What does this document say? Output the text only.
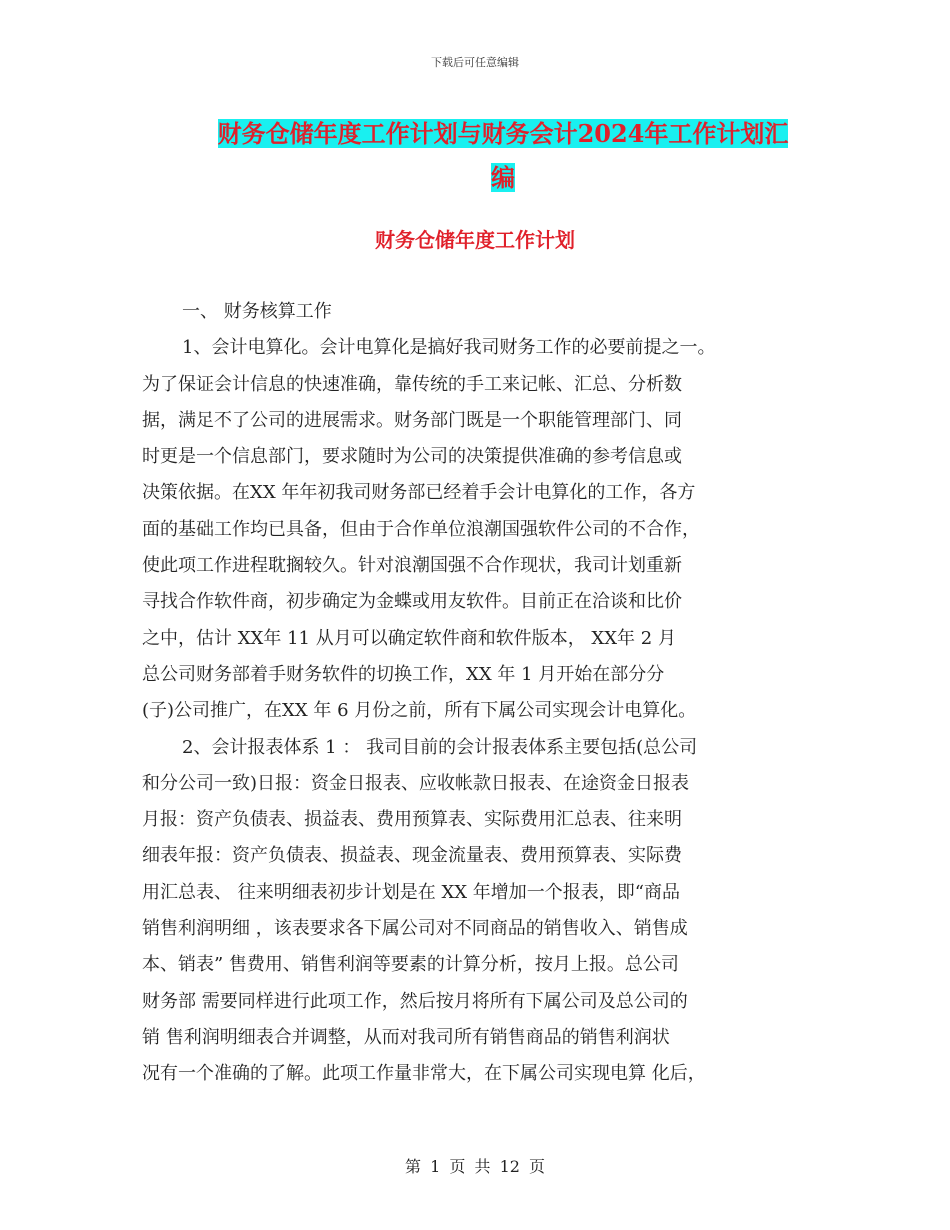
下载后可任意编辑
财务仓储年度工作计划与财务会计2024年工作计划汇
编
财务仓储年度工作计划
一、 财务核算工作
1、会计电算化。会计电算化是搞好我司财务工作的必要前提之一。
为了保证会计信息的快速准确，靠传统的手工来记帐、汇总、分析数
据，满足不了公司的进展需求。财务部门既是一个职能管理部门、同
时更是一个信息部门，要求随时为公司的决策提供准确的参考信息或
决策依据。在XX 年年初我司财务部已经着手会计电算化的工作，各方
面的基础工作均已具备，但由于合作单位浪潮国强软件公司的不合作，
使此项工作进程耽搁较久。针对浪潮国强不合作现状，我司计划重新
寻找合作软件商，初步确定为金蝶或用友软件。目前正在洽谈和比价
之中，估计 XX年 11 从月可以确定软件商和软件版本， XX年 2 月
总公司财务部着手财务软件的切换工作，XX 年 1 月开始在部分分
(子)公司推广，在XX 年 6 月份之前，所有下属公司实现会计电算化。
2、会计报表体系 1 ： 我司目前的会计报表体系主要包括(总公司
和分公司一致)日报：资金日报表、应收帐款日报表、在途资金日报表
月报：资产负债表、损益表、费用预算表、实际费用汇总表、往来明
细表年报：资产负债表、损益表、现金流量表、费用预算表、实际费
用汇总表、 往来明细表初步计划是在 XX 年增加一个报表，即“商品
销售利润明细 ，该表要求各下属公司对不同商品的销售收入、销售成
本、销表” 售费用、销售利润等要素的计算分析，按月上报。总公司
财务部 需要同样进行此项工作，然后按月将所有下属公司及总公司的
销 售利润明细表合并调整，从而对我司所有销售商品的销售利润状
况有一个准确的了解。此项工作量非常大，在下属公司实现电算 化后，
第 1 页 共 12 页
